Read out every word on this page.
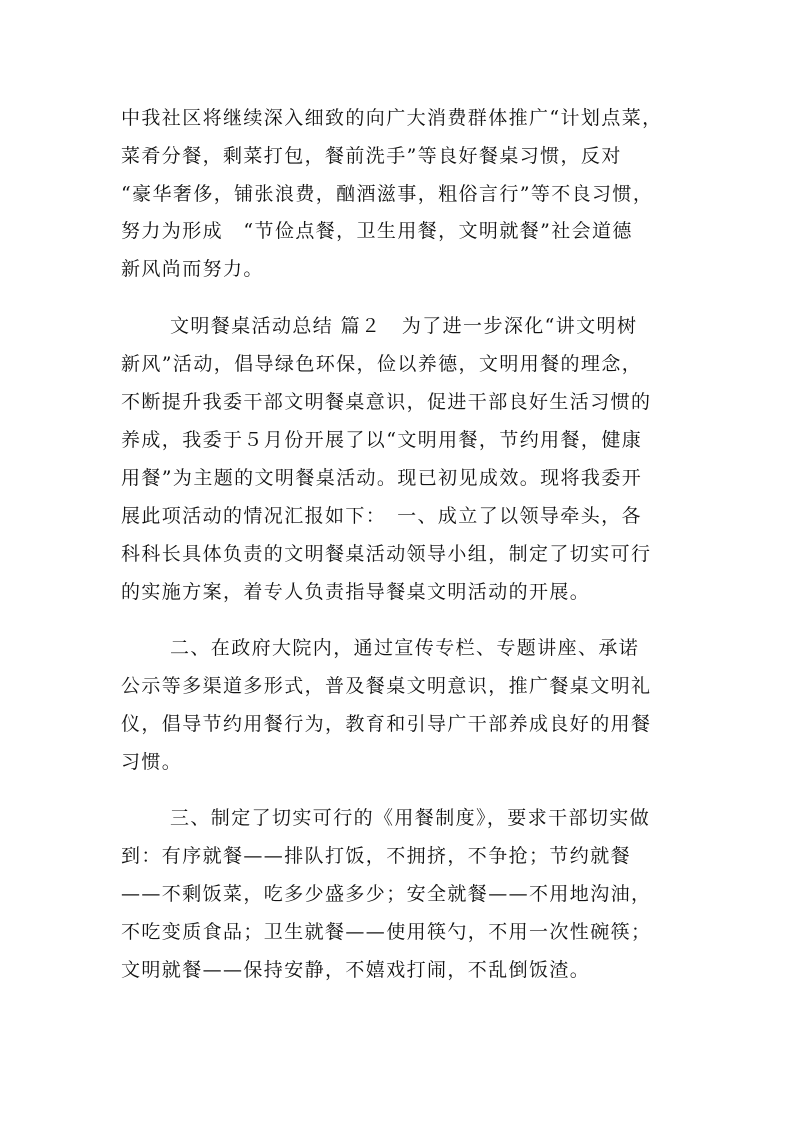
中我社区将继续深入细致的向广大消费群体推广“计划点菜，
菜肴分餐，剩菜打包，餐前洗手”等良好餐桌习惯，反对
“豪华奢侈，铺张浪费，酗酒滋事，粗俗言行”等不良习惯，
努力为形成　“节俭点餐，卫生用餐，文明就餐”社会道德
新风尚而努力。
文明餐桌活动总结 篇２　为了进一步深化“讲文明树
新风”活动，倡导绿色环保，俭以养德，文明用餐的理念，
不断提升我委干部文明餐桌意识，促进干部良好生活习惯的
养成，我委于５月份开展了以“文明用餐，节约用餐，健康
用餐”为主题的文明餐桌活动。现已初见成效。现将我委开
展此项活动的情况汇报如下：　一、成立了以领导牵头，各
科科长具体负责的文明餐桌活动领导小组，制定了切实可行
的实施方案，着专人负责指导餐桌文明活动的开展。
二、在政府大院内，通过宣传专栏、专题讲座、承诺
公示等多渠道多形式，普及餐桌文明意识，推广餐桌文明礼
仪，倡导节约用餐行为，教育和引导广干部养成良好的用餐
习惯。
三、制定了切实可行的《用餐制度》，要求干部切实做
到：有序就餐——排队打饭，不拥挤，不争抢；节约就餐
——不剩饭菜，吃多少盛多少；安全就餐——不用地沟油，
不吃变质食品；卫生就餐——使用筷勺，不用一次性碗筷；
文明就餐——保持安静，不嬉戏打闹，不乱倒饭渣。
